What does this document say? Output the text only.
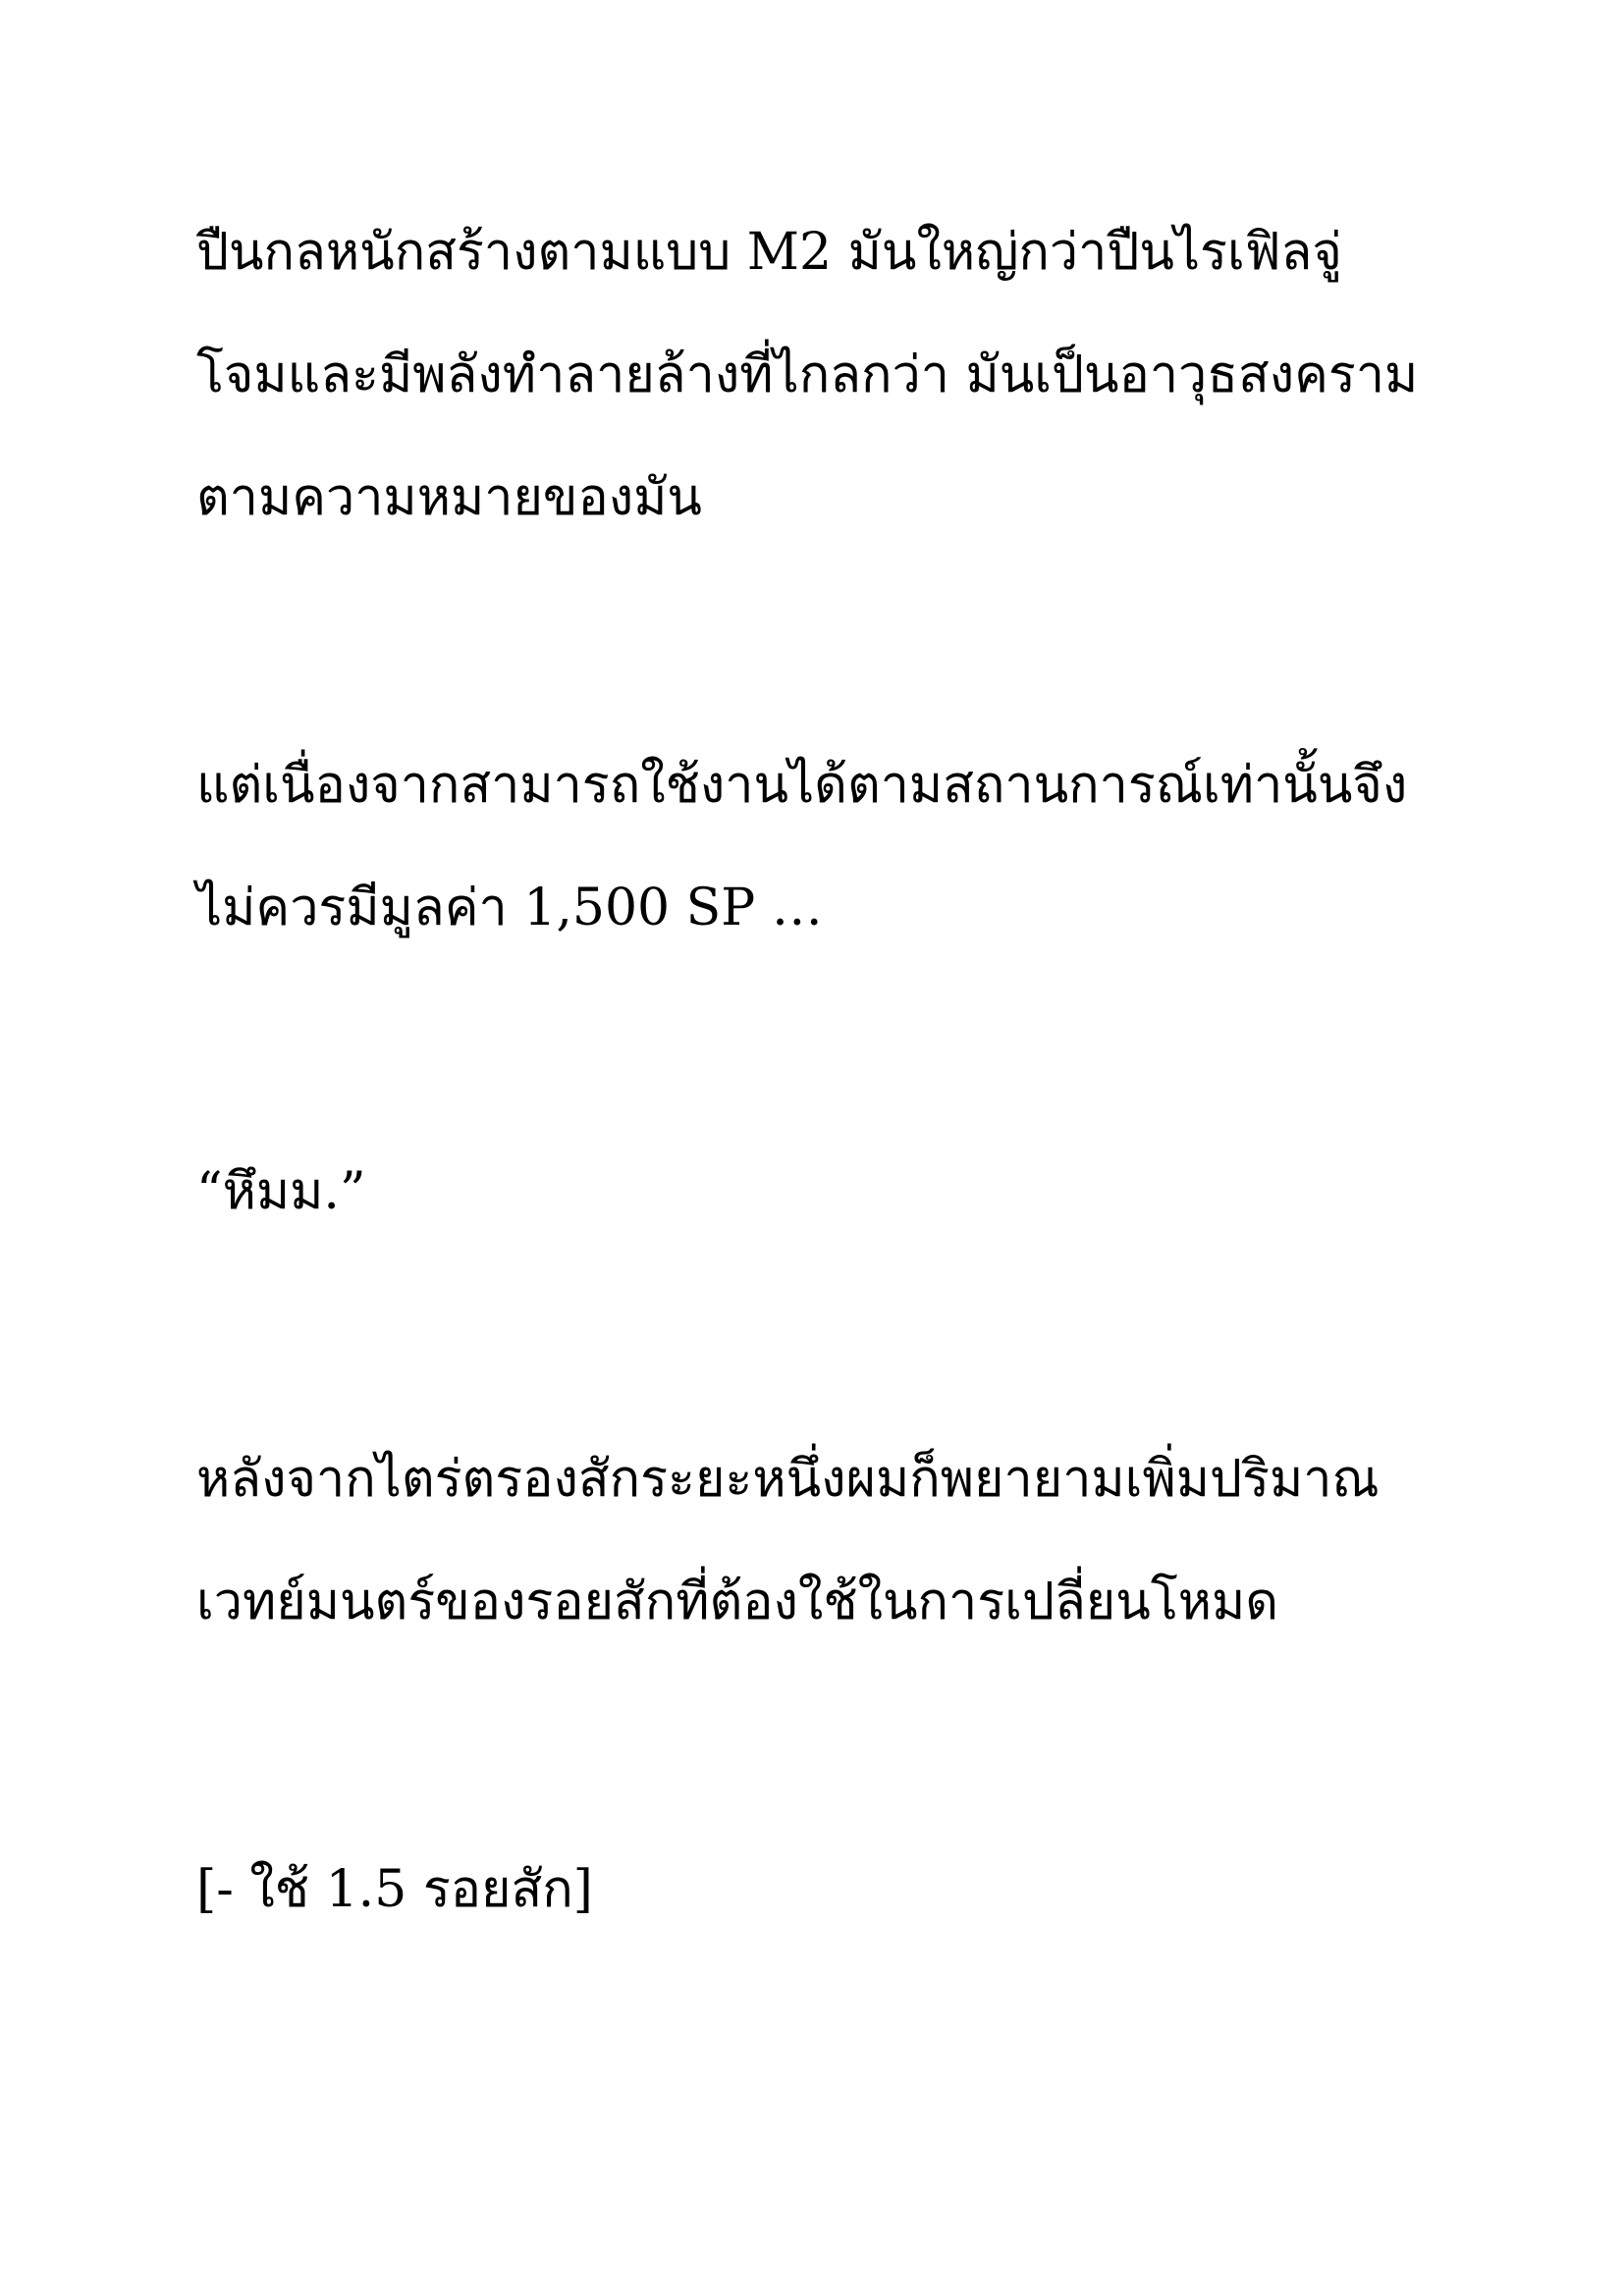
ปืนกลหนักสร้างตามแบบ M2 มันใหญ่กว่าปืนไรเฟิลจู่
โจมและมีพลังทำลายล้างที่ไกลกว่า มันเป็นอาวุธสงคราม
ตามความหมายของมัน
แต่เนื่องจากสามารถใช้งานได้ตามสถานการณ์เท่านั้นจึง
ไม่ควรมีมูลค่า 1,500 SP …
“หึมม.”
หลังจากไตร่ตรองสักระยะหนึ่งผมก็พยายามเพิ่มปริมาณ
เวทย์มนตร์ของรอยสักที่ต้องใช้ในการเปลี่ยนโหมด
[- ใช้ 1.5 รอยสัก]
